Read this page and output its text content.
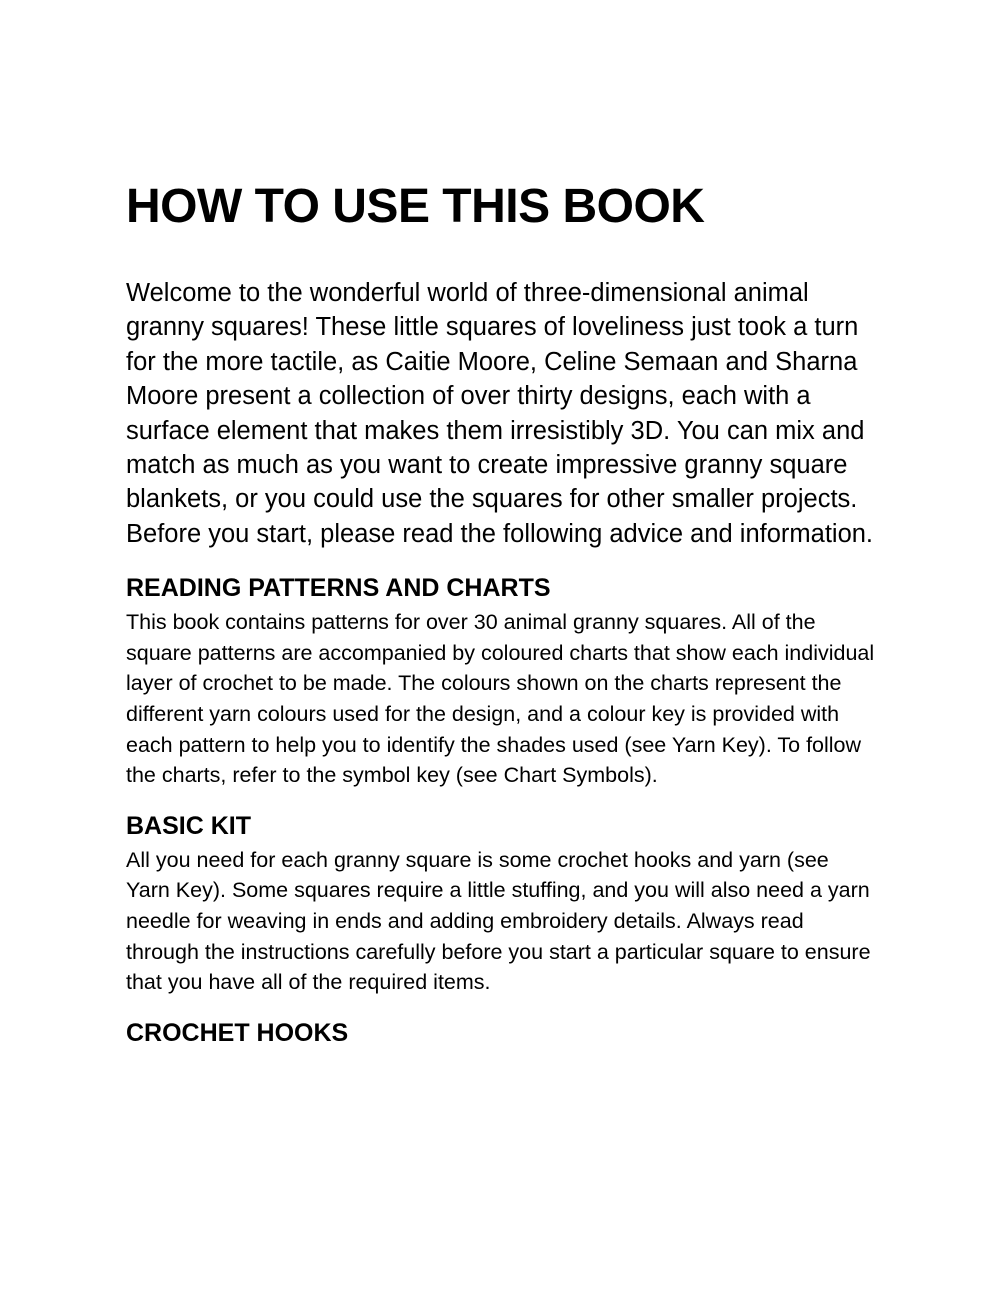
HOW TO USE THIS BOOK

Welcome to the wonderful world of three-dimensional animal granny squares! These little squares of loveliness just took a turn for the more tactile, as Caitie Moore, Celine Semaan and Sharna Moore present a collection of over thirty designs, each with a surface element that makes them irresistibly 3D. You can mix and match as much as you want to create impressive granny square blankets, or you could use the squares for other smaller projects. Before you start, please read the following advice and information.

READING PATTERNS AND CHARTS

This book contains patterns for over 30 animal granny squares. All of the square patterns are accompanied by coloured charts that show each individual layer of crochet to be made. The colours shown on the charts represent the different yarn colours used for the design, and a colour key is provided with each pattern to help you to identify the shades used (see Yarn Key). To follow the charts, refer to the symbol key (see Chart Symbols).

BASIC KIT

All you need for each granny square is some crochet hooks and yarn (see Yarn Key). Some squares require a little stuffing, and you will also need a yarn needle for weaving in ends and adding embroidery details. Always read through the instructions carefully before you start a particular square to ensure that you have all of the required items.

CROCHET HOOKS
